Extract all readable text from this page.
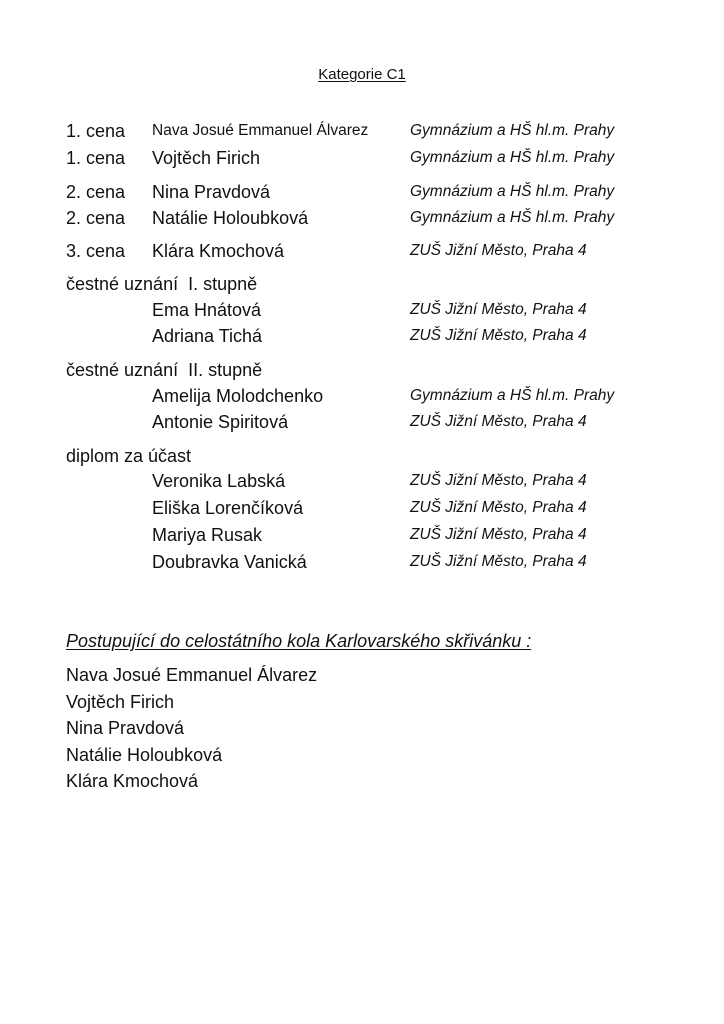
Kategorie C1
1. cena Nava Josué Emmanuel Álvarez	Gymnázium a HŠ hl.m. Prahy
1. cena Vojtěch Firich	Gymnázium a HŠ hl.m. Prahy
2. cena Nina Pravdová	Gymnázium a HŠ hl.m. Prahy
2. cena Natálie Holoubková	Gymnázium a HŠ hl.m. Prahy
3. cena Klára Kmochová	ZUŠ Jižní Město, Praha 4
čestné uznání  I. stupně
Ema Hnátová	ZUŠ Jižní Město, Praha 4
Adriana Tichá	ZUŠ Jižní Město, Praha 4
čestné uznání  II. stupně
Amelija Molodchenko	Gymnázium a HŠ hl.m. Prahy
Antonie Spiritová	ZUŠ Jižní Město, Praha 4
diplom za účast
Veronika Labská	ZUŠ Jižní Město, Praha 4
Eliška Lorenčíková	ZUŠ Jižní Město, Praha 4
Mariya Rusak	ZUŠ Jižní Město, Praha 4
Doubravka Vanická	ZUŠ Jižní Město, Praha 4
Postupující do celostátního kola Karlovarského skřivánku :
Nava Josué Emmanuel Álvarez
Vojtěch Firich
Nina Pravdová
Natálie Holoubková
Klára Kmochová
